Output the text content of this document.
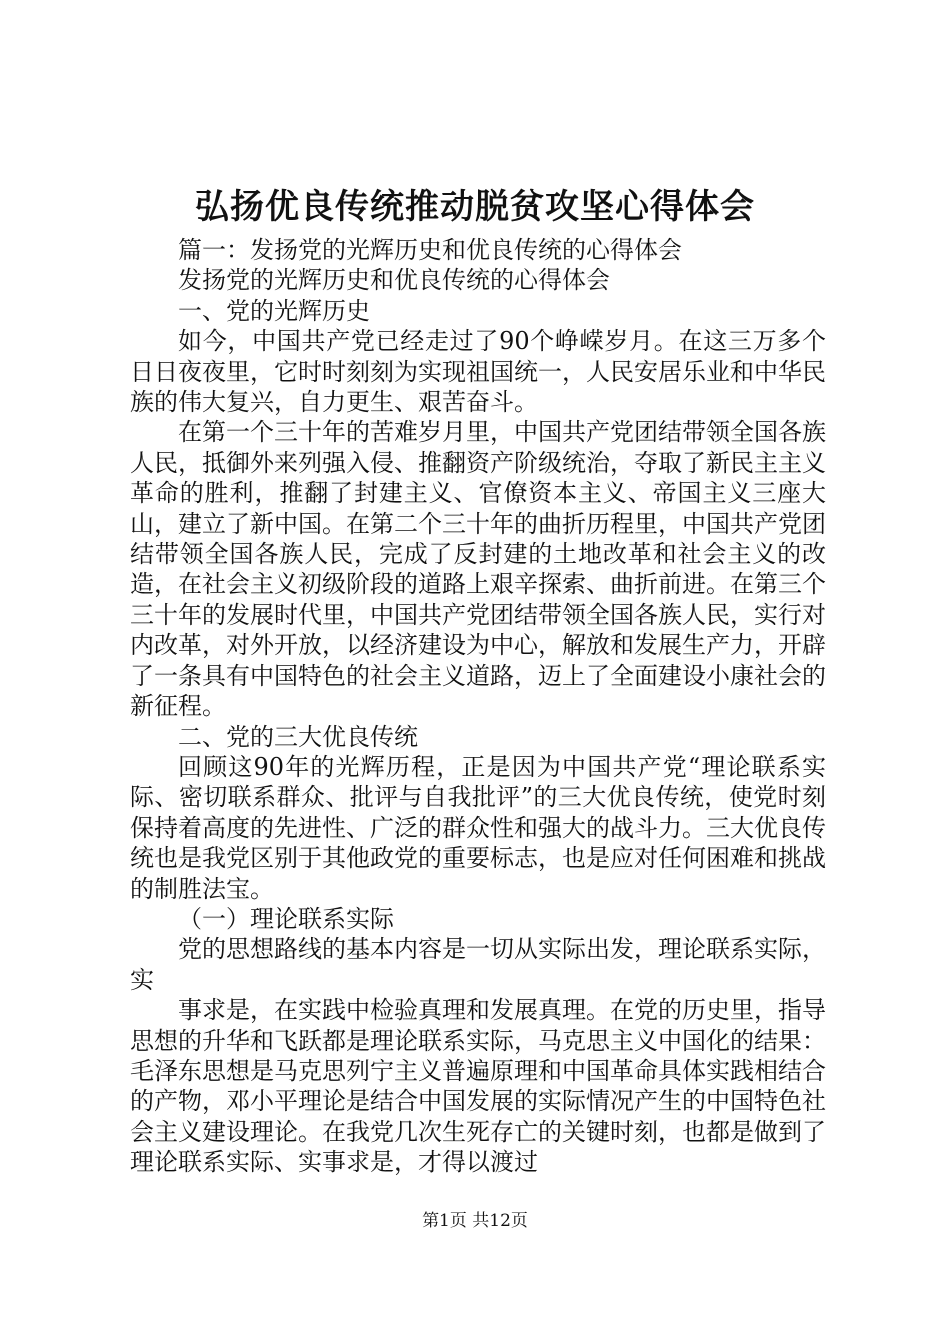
弘扬优良传统推动脱贫攻坚心得体会

篇一：发扬党的光辉历史和优良传统的心得体会

发扬党的光辉历史和优良传统的心得体会

一、党的光辉历史

如今，中国共产党已经走过了90个峥嵘岁月。在这三万多个日日夜夜里，它时时刻刻为实现祖国统一，人民安居乐业和中华民族的伟大复兴，自力更生、艰苦奋斗。

在第一个三十年的苦难岁月里，中国共产党团结带领全国各族人民，抵御外来列强入侵、推翻资产阶级统治，夺取了新民主主义革命的胜利，推翻了封建主义、官僚资本主义、帝国主义三座大山，建立了新中国。在第二个三十年的曲折历程里，中国共产党团结带领全国各族人民，完成了反封建的土地改革和社会主义的改造，在社会主义初级阶段的道路上艰辛探索、曲折前进。在第三个三十年的发展时代里，中国共产党团结带领全国各族人民，实行对内改革，对外开放，以经济建设为中心，解放和发展生产力，开辟了一条具有中国特色的社会主义道路，迈上了全面建设小康社会的新征程。

二、党的三大优良传统

回顾这90年的光辉历程，正是因为中国共产党“理论联系实际、密切联系群众、批评与自我批评”的三大优良传统，使党时刻保持着高度的先进性、广泛的群众性和强大的战斗力。三大优良传统也是我党区别于其他政党的重要标志，也是应对任何困难和挑战的制胜法宝。

（一）理论联系实际

党的思想路线的基本内容是一切从实际出发，理论联系实际，实

事求是，在实践中检验真理和发展真理。在党的历史里，指导思想的升华和飞跃都是理论联系实际，马克思主义中国化的结果：毛泽东思想是马克思列宁主义普遍原理和中国革命具体实践相结合的产物，邓小平理论是结合中国发展的实际情况产生的中国特色社会主义建设理论。在我党几次生死存亡的关键时刻，也都是做到了理论联系实际、实事求是，才得以渡过

第1页 共12页
